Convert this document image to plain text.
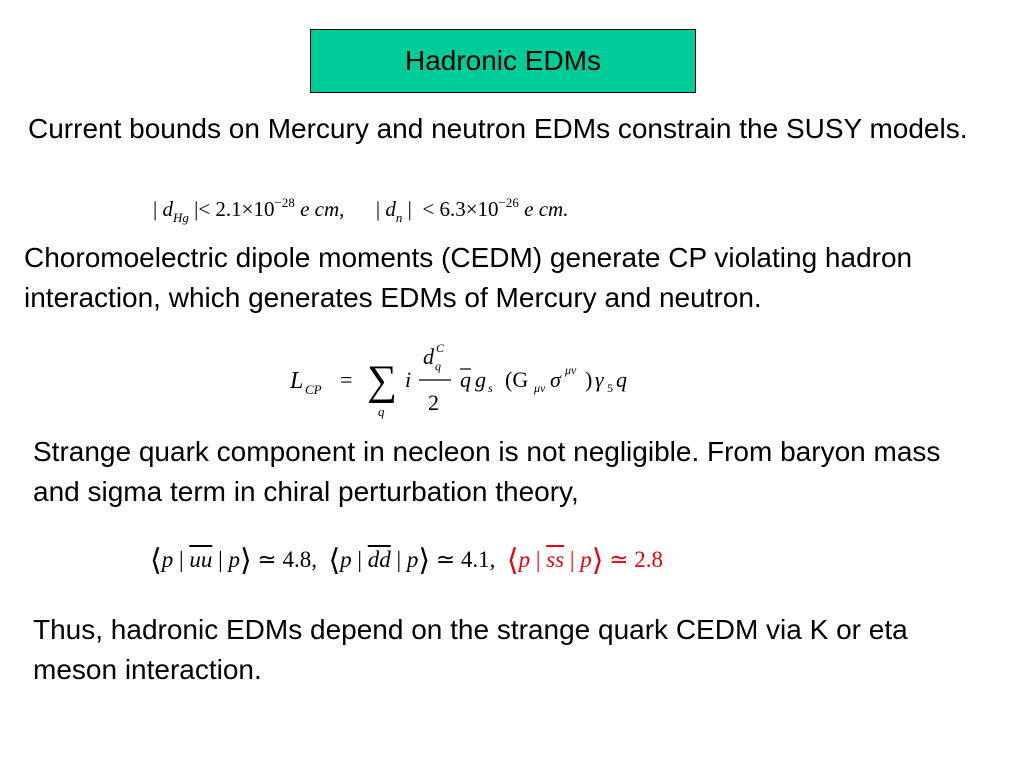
Hadronic EDMs

Current bounds on Mercury and neutron EDMs constrain the SUSY models.

| $d_{Hg}$ |< $2.1\times 10^{-28}$ e cm,      | $d_n$ |  < $6.3\times 10^{-26}$ e cm.

Choromoelectric dipole moments (CEDM) generate CP violating hadron interaction, which generates EDMs of Mercury and neutron.

L CP = ∑
q
i
d q
C
2
q g s (G μν σ μν ) γ 5 q

Strange quark component in necleon is not negligible. From baryon mass and sigma term in chiral perturbation theory,

⟨p | $\overline{uu}$ | p⟩ ≃ 4.8, ⟨p | $\overline{dd}$ | p⟩ ≃ 4.1, ⟨p | $\overline{ss}$ | p⟩ ≃ 2.8

Thus, hadronic EDMs depend on the strange quark CEDM via K or eta meson interaction.
